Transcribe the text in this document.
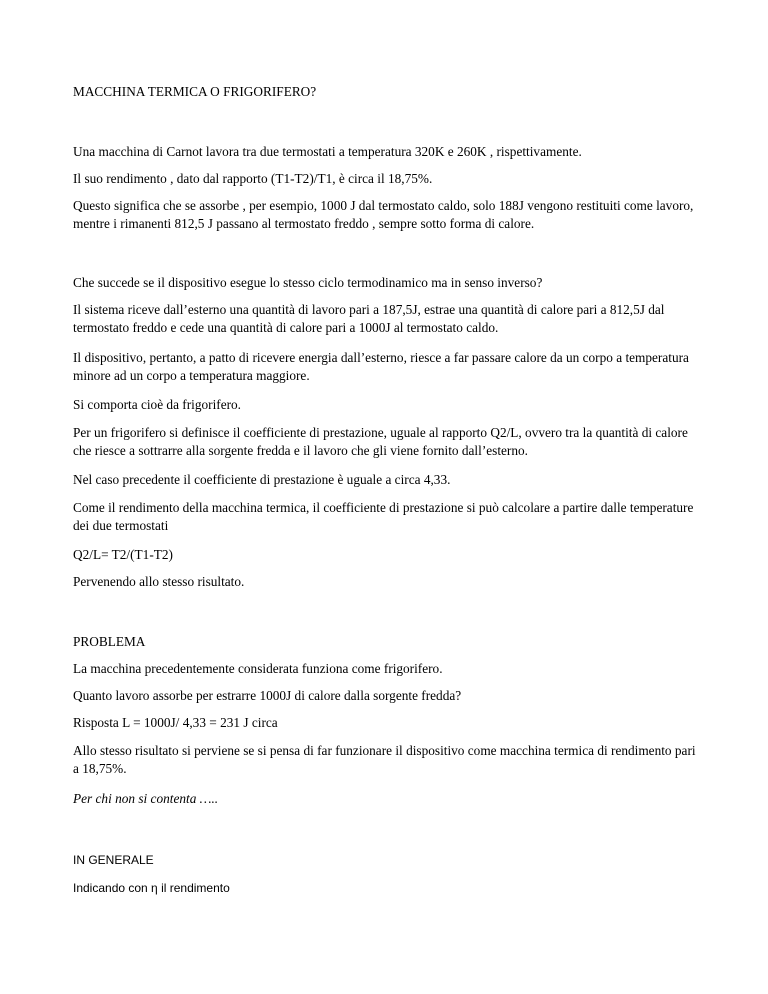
MACCHINA TERMICA O FRIGORIFERO?

Una macchina di Carnot lavora tra due termostati a temperatura 320K e 260K , rispettivamente.

Il suo rendimento , dato dal rapporto (T1-T2)/T1, è circa il 18,75%.

Questo significa che se assorbe , per esempio, 1000 J dal termostato caldo, solo 188J vengono restituiti come lavoro, mentre i rimanenti 812,5 J passano al termostato freddo , sempre sotto forma di calore.

Che succede se il dispositivo esegue lo stesso ciclo termodinamico ma in senso inverso?

Il sistema riceve dall’esterno una quantità di lavoro pari a 187,5J, estrae una quantità di calore pari a 812,5J dal termostato freddo e cede una quantità di calore pari a 1000J al termostato caldo.

Il dispositivo, pertanto, a patto di ricevere energia dall’esterno, riesce a far passare calore da un corpo a temperatura minore ad un corpo a temperatura maggiore.

Si comporta cioè da frigorifero.

Per un frigorifero si definisce il coefficiente di prestazione, uguale al rapporto Q2/L, ovvero tra la quantità di calore che riesce a sottrarre alla sorgente fredda e il lavoro che gli viene fornito dall’esterno.

Nel caso precedente il coefficiente di prestazione è uguale a circa 4,33.

Come il rendimento della macchina termica, il coefficiente di prestazione si può calcolare a partire dalle temperature dei due termostati

Q2/L= T2/(T1-T2)

Pervenendo allo stesso risultato.

PROBLEMA

La macchina precedentemente considerata funziona come frigorifero.

Quanto lavoro assorbe per estrarre 1000J di calore dalla sorgente fredda?

Risposta L = 1000J/ 4,33 = 231 J circa

Allo stesso risultato si perviene se si pensa di far funzionare il dispositivo come macchina termica di rendimento pari a 18,75%.

Per chi non si contenta …..

IN GENERALE

Indicando con η il rendimento
